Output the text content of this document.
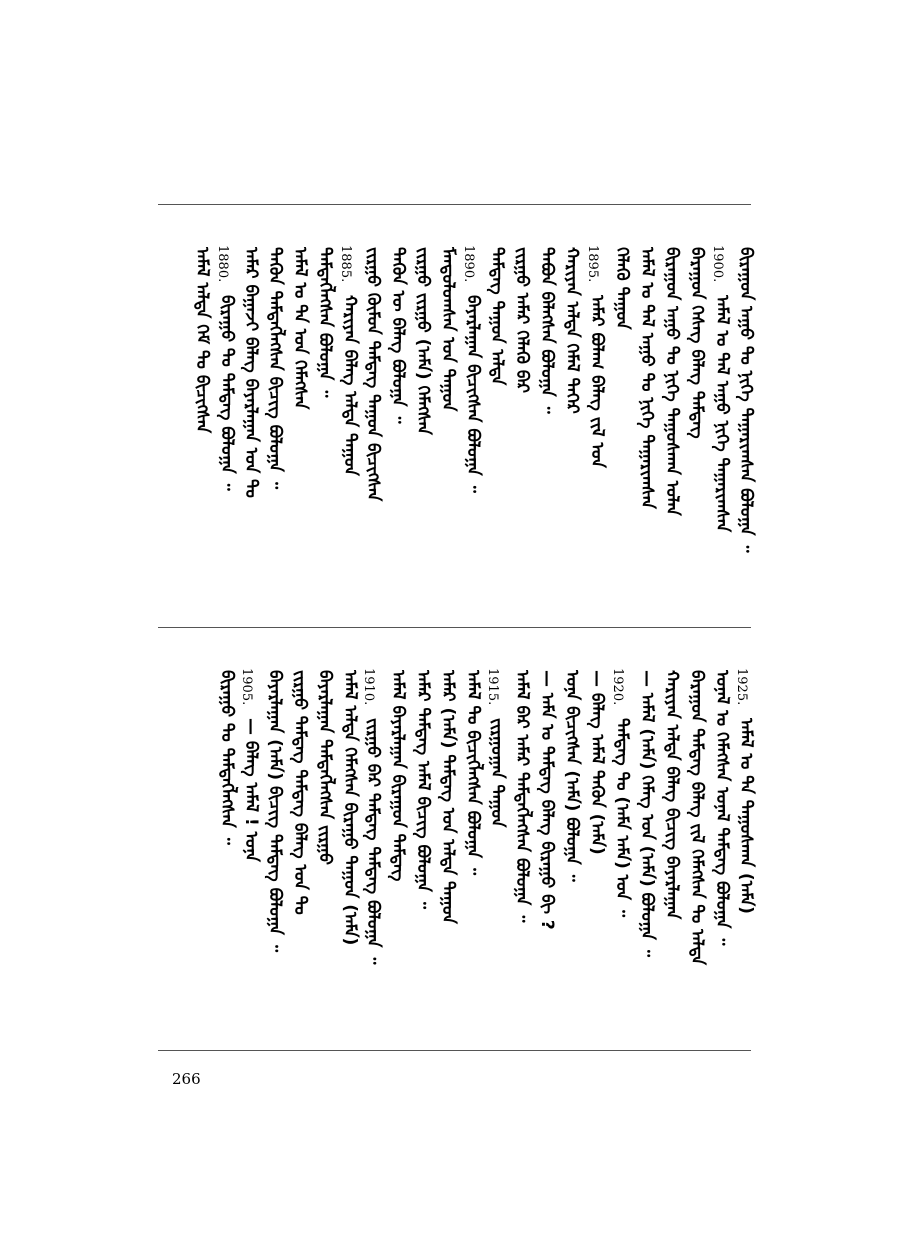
1900.
1895.
1890.
1885.
1880.	ᠪᠢᠷᠠᠭᠤᠨ ᠠᠭᠤ ᠲᠤ ᠨᠢᠭᠡ ᠳᠠᠭᠠᠷᠢᠭᠰᠠᠨ ᠪᠤᠯᠤᠭᠠ ᠃
ᠠᠮᠠᠯ ᠤ ᠲᠠᠯ ᠠᠭᠤ ᠨᠢᠭᠡ ᠳᠠᠭᠠᠷᠢᠭᠰᠠᠨ
ᠪᠠᠷᠠᠭᠤᠨ ᠬᠡᠰᠡᠭ ᠪᠡᠯᠡᠭ ᠲᠡᠮᠳᠡᠭ
ᠪᠢᠷᠠᠭᠤᠨ ᠠᠭᠤ ᠲᠤ ᠨᠢᠭᠡ ᠳᠠᠭᠤᠰᠬᠠᠨ ᠤᠯᠠᠨ
ᠠᠮᠠᠯ ᠤ ᠲᠠᠯ ᠠᠭᠤ ᠲᠤ ᠨᠢᠭᠡ ᠳᠠᠭᠠᠷᠢᠭᠰᠠᠨ
ᠬᠡᠯᠡᠬᠦ ᠳᠠᠭᠤᠨ
ᠠᠮᠠᠷ ᠪᠣᠯᠠᠭ ᠪᠡᠯᠡᠭ ᠵᠢᠯ ᠤᠨ
ᠬᠠᠷᠢᠶᠠᠨ ᠠᠯᠲᠠ ᠬᠡᠮᠡᠯ ᠳᠡᠭᠡᠷ
ᠲᠠᠪᠤᠨ ᠪᠡᠯᠡᠭᠰᠡᠨ ᠪᠤᠯᠤᠭᠠ ᠃
ᠵᠢᠷᠭᠤ ᠠᠮᠠᠷ ᠬᠡᠯᠡᠬᠦ ᠪᠡᠷ
ᠲᠡᠮᠳᠡᠭ ᠳᠠᠭᠤᠨ ᠠᠯᠲᠠ
ᠪᠠᠶᠠᠷᠯᠠᠭᠠᠨ ᠪᠢᠴᠢᠭᠰᠡᠨ ᠪᠤᠯᠤᠭᠠ ᠃
ᠮᠠᠨᠳᠤᠯᠤᠭᠰᠠᠨ ᠤᠨ ᠳᠠᠭᠤᠨ
ᠵᠢᠷᠭᠤ ᠵᠢᠷᠭᠤ (ᠠᠮᠠ) ᠬᠡᠮᠡᠭᠰᠡᠨ
ᠲᠡᠭᠦᠨ ᠦ ᠪᠡᠯᠡᠭ ᠪᠤᠯᠤᠭᠠ ᠃
ᠵᠢᠷᠭᠤ ᠬᠦᠮᠦᠨ ᠲᠡᠮᠳᠡᠭ ᠳᠠᠭᠤᠨ ᠪᠢᠴᠢᠭᠰᠡᠨ
ᠬᠠᠷᠢᠶᠠᠨ ᠪᠡᠯᠡᠭ ᠠᠯᠲᠠ ᠳᠠᠭᠤᠨ
ᠲᠡᠮᠳᠡᠭᠯᠡᠭᠰᠡᠨ ᠪᠤᠯᠤᠭᠠ ᠃
ᠠᠮᠠᠯ ᠤ ᠲᠠ ᠤᠨ ᠬᠡᠮᠡᠭᠰᠡᠨ
ᠲᠡᠭᠦᠨ ᠲᠡᠮᠳᠡᠭᠯᠡᠭᠰᠡᠨ ᠪᠢᠴᠢᠭ ᠪᠤᠯᠤᠭᠠ ᠃
ᠠᠮᠠᠷ ᠪᠠᠭᠠᠵᠢ ᠪᠡᠯᠡᠭ ᠪᠠᠶᠠᠷᠯᠠᠭᠠᠨ ᠤᠨ ᠲᠤ
ᠪᠢᠷᠠᠭᠤ ᠲᠤ ᠲᠡᠮᠳᠡᠭ ᠪᠤᠯᠤᠭᠠ ᠃
ᠠᠮᠠᠯ ᠠᠯᠲᠠ ᠬᠡᠮ ᠲᠤ ᠪᠢᠴᠢᠭᠰᠡᠨ
1925.
1920.
1915.
1910.
1905.
ᠠᠮᠠᠯ ᠤ ᠲᠠ ᠳᠠᠭᠤᠰᠬᠠᠨ (ᠠᠮᠠ)
ᠤᠨᠠᠯ ᠤ ᠬᠡᠮᠡᠭᠰᠡᠨ ᠤᠨᠠᠯ ᠲᠡᠮᠳᠡᠭ ᠪᠤᠯᠤᠭᠠ ᠃
ᠪᠠᠷᠠᠭᠤᠨ ᠲᠡᠮᠳᠡᠭ ᠪᠡᠯᠡᠭ ᠵᠢᠯ ᠬᠡᠮᠡᠭᠰᠡᠨ ᠲᠤ ᠠᠯᠲᠠ
ᠬᠠᠷᠢᠶᠠᠨ ᠠᠯᠲᠠ ᠪᠡᠯᠡᠭ ᠪᠢᠴᠢᠭ ᠪᠠᠶᠠᠷᠯᠠᠭᠠᠨ
— ᠠᠮᠠᠯ (ᠠᠮᠠ) ᠬᠡᠮᠡᠭ ᠤᠨ (ᠠᠮᠠ) ᠪᠤᠯᠤᠭᠠ ᠃
ᠲᠡᠮᠳᠡᠭ ᠲᠤ (ᠠᠮᠠ ᠠᠮᠠ) ᠤᠨ ᠃
— ᠪᠡᠯᠡᠭ ᠠᠮᠠᠯ ᠲᠡᠭᠦᠨ (ᠠᠮᠠ)
ᠤᠨᠠ ᠪᠢᠴᠢᠭᠰᠡᠨ (ᠠᠮᠠ) ᠪᠤᠯᠤᠭᠠ ᠃
— ᠠᠮᠠ ᠤ ᠲᠡᠮᠳᠡᠭ ᠪᠡᠯᠡᠭ ᠪᠢᠷᠠᠭᠤ ᠪᠢ ?
ᠠᠮᠠᠯ ᠪᠡᠷ ᠠᠮᠠᠷ ᠲᠡᠮᠳᠡᠭᠯᠡᠭᠰᠡᠨ ᠪᠤᠯᠤᠭᠠ ᠃
ᠵᠢᠷᠭᠤᠭᠠᠨ ᠳᠠᠭᠤᠨ
ᠠᠮᠠᠯ ᠲᠤ ᠪᠢᠴᠢᠭᠯᠡᠭᠰᠡᠨ ᠪᠤᠯᠤᠭᠠ ᠃
ᠠᠮᠠᠷ (ᠠᠮᠠ) ᠲᠡᠮᠳᠡᠭ ᠤᠨ ᠠᠯᠲᠠ ᠳᠠᠭᠤᠨ
ᠠᠮᠠᠷ ᠲᠡᠮᠳᠡᠭ ᠠᠮᠠᠯ ᠪᠢᠴᠢᠭ ᠪᠤᠯᠤᠭᠠ ᠃
ᠠᠮᠠᠯ ᠪᠠᠶᠠᠷᠯᠠᠭᠠᠨ ᠪᠢᠷᠠᠭᠤᠨ ᠲᠡᠮᠳᠡᠭ
ᠵᠢᠷᠭᠤ ᠪᠡᠷ ᠲᠡᠮᠳᠡᠭ ᠲᠡᠮᠳᠡᠭ ᠪᠤᠯᠤᠭᠠ ᠃
ᠠᠮᠠᠯ ᠠᠯᠲᠠ ᠬᠡᠮᠡᠭᠰᠡᠨ ᠪᠢᠷᠠᠭᠤ ᠳᠠᠭᠤᠨ (ᠠᠮᠠ)
ᠪᠠᠶᠠᠷᠯᠠᠭᠠᠨ ᠲᠡᠮᠳᠡᠭᠯᠡᠭᠰᠡᠨ ᠵᠢᠷᠭᠤ
ᠵᠢᠷᠭᠤ ᠲᠡᠮᠳᠡᠭ ᠲᠡᠮᠳᠡᠭ ᠪᠡᠯᠡᠭ ᠤᠨ ᠲᠤ
ᠪᠠᠶᠠᠷᠯᠠᠭᠠᠨ (ᠠᠮᠠ) ᠪᠢᠴᠢᠭ ᠲᠡᠮᠳᠡᠭ ᠪᠤᠯᠤᠭᠠ ᠃
— ᠪᠡᠯᠡᠭ ᠠᠮᠠᠯ ! ᠤᠨᠠ
ᠪᠢᠷᠠᠭᠤ ᠲᠤ ᠲᠡᠮᠳᠡᠭᠯᠡᠭᠰᠡᠨ ᠃
266
